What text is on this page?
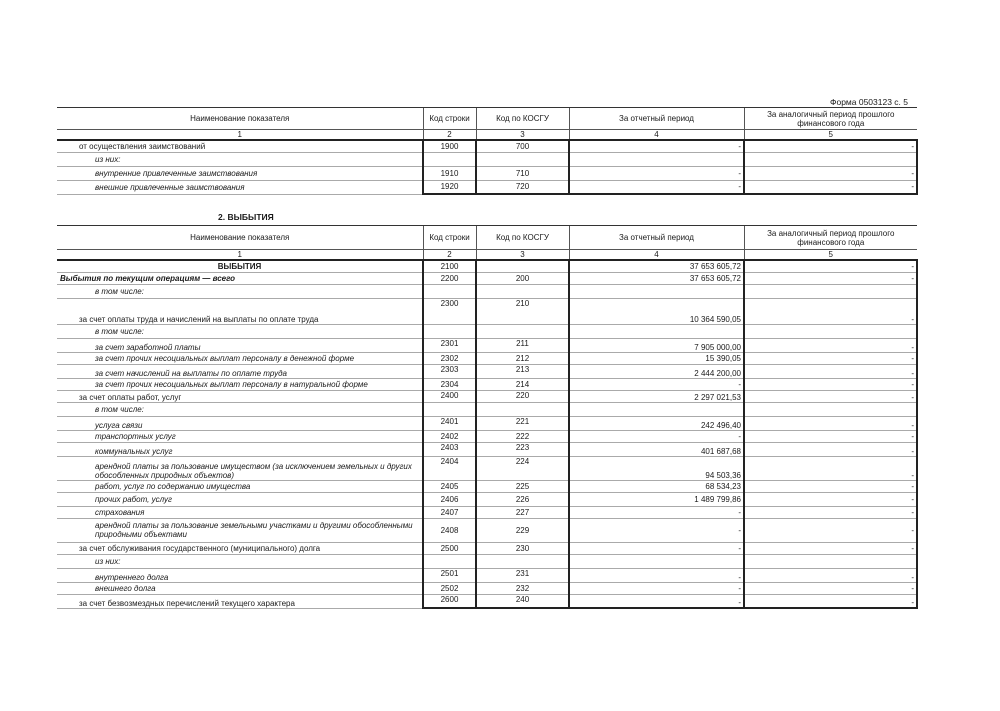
Форма 0503123 с. 5
Наименование показателя	Код строки	Код по КОСГУ	За отчетный период	За аналогичный период прошлого финансового года
1	2	3	4	5
от осуществления заимствований	1900	700	-	-
из них:				
внутренние привлеченные заимствования	1910	710	-	-
внешние привлеченные заимствования	1920	720	-	-
2. ВЫБЫТИЯ
Наименование показателя	Код строки	Код по КОСГУ	За отчетный период	За аналогичный период прошлого финансового года
1	2	3	4	5
ВЫБЫТИЯ	2100		37 653 605,72	-
Выбытия по текущим операциям — всего	2200	200	37 653 605,72	-
в том числе:				
за счет оплаты труда и начислений на выплаты по оплате труда	2300	210	10 364 590,05	-
в том числе:				
за счет заработной платы	2301	211	7 905 000,00	-
за счет прочих несоциальных выплат персоналу в денежной форме	2302	212	15 390,05	-
за счет начислений на выплаты по оплате труда	2303	213	2 444 200,00	-
за счет прочих несоциальных выплат персоналу в натуральной форме	2304	214	-	-
за счет оплаты работ, услуг	2400	220	2 297 021,53	-
в том числе:				
услуга связи	2401	221	242 496,40	-
транспортных услуг	2402	222	-	-
коммунальных услуг	2403	223	401 687,68	-
арендной платы за пользование имуществом (за исключением земельных и других обособленных природных объектов)	2404	224	94 503,36	-
работ, услуг по содержанию имущества	2405	225	68 534,23	-
прочих работ, услуг	2406	226	1 489 799,86	-
страхования	2407	227	-	-
арендной платы за пользование земельными участками и другими обособленными природными объектами	2408	229	-	-
за счет обслуживания государственного (муниципального) долга	2500	230	-	-
из них:				
внутреннего долга	2501	231	-	-
внешнего долга	2502	232	-	-
за счет безвозмездных перечислений текущего характера	2600	240	-	-
